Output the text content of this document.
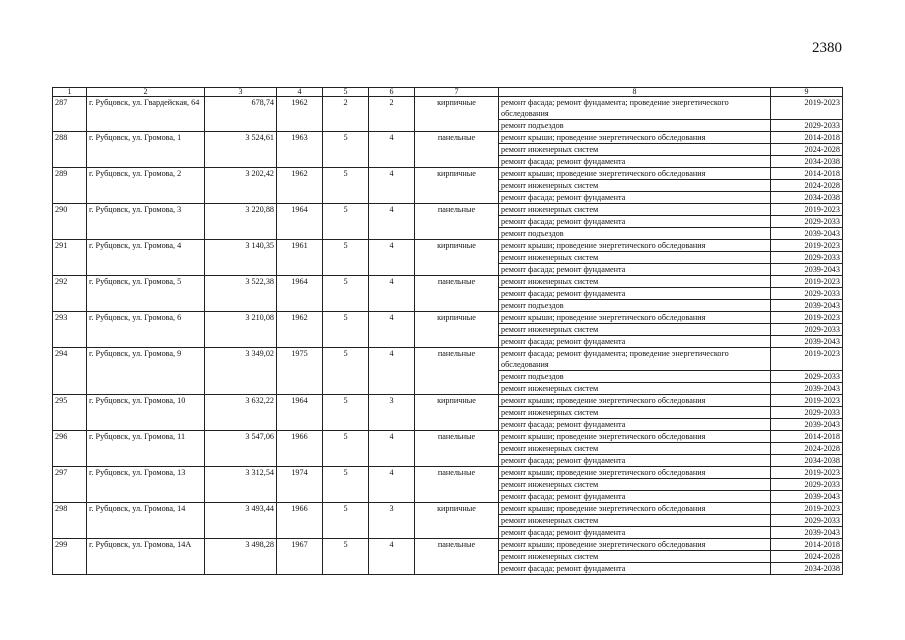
2380
1	2	3	4	5	6	7	8	9
287	г. Рубцовск, ул. Гвардейская, 64	678,74	1962	2	2	кирпичные	ремонт фасада; ремонт фундамента; проведение энергетического обследования	2019-2023
							ремонт подъездов	2029-2033
288	г. Рубцовск, ул. Громова, 1	3 524,61	1963	5	4	панельные	ремонт крыши; проведение энергетического обследования	2014-2018
							ремонт инженерных систем	2024-2028
							ремонт фасада; ремонт фундамента	2034-2038
289	г. Рубцовск, ул. Громова, 2	3 202,42	1962	5	4	кирпичные	ремонт крыши; проведение энергетического обследования	2014-2018
							ремонт инженерных систем	2024-2028
							ремонт фасада; ремонт фундамента	2034-2038
290	г. Рубцовск, ул. Громова, 3	3 220,88	1964	5	4	панельные	ремонт инженерных систем	2019-2023
							ремонт фасада; ремонт фундамента	2029-2033
							ремонт подъездов	2039-2043
291	г. Рубцовск, ул. Громова, 4	3 140,35	1961	5	4	кирпичные	ремонт крыши; проведение энергетического обследования	2019-2023
							ремонт инженерных систем	2029-2033
							ремонт фасада; ремонт фундамента	2039-2043
292	г. Рубцовск, ул. Громова, 5	3 522,38	1964	5	4	панельные	ремонт инженерных систем	2019-2023
							ремонт фасада; ремонт фундамента	2029-2033
							ремонт подъездов	2039-2043
293	г. Рубцовск, ул. Громова, 6	3 210,08	1962	5	4	кирпичные	ремонт крыши; проведение энергетического обследования	2019-2023
							ремонт инженерных систем	2029-2033
							ремонт фасада; ремонт фундамента	2039-2043
294	г. Рубцовск, ул. Громова, 9	3 349,02	1975	5	4	панельные	ремонт фасада; ремонт фундамента; проведение энергетического обследования	2019-2023
							ремонт подъездов	2029-2033
							ремонт инженерных систем	2039-2043
295	г. Рубцовск, ул. Громова, 10	3 632,22	1964	5	3	кирпичные	ремонт крыши; проведение энергетического обследования	2019-2023
							ремонт инженерных систем	2029-2033
							ремонт фасада; ремонт фундамента	2039-2043
296	г. Рубцовск, ул. Громова, 11	3 547,06	1966	5	4	панельные	ремонт крыши; проведение энергетического обследования	2014-2018
							ремонт инженерных систем	2024-2028
							ремонт фасада; ремонт фундамента	2034-2038
297	г. Рубцовск, ул. Громова, 13	3 312,54	1974	5	4	панельные	ремонт крыши; проведение энергетического обследования	2019-2023
							ремонт инженерных систем	2029-2033
							ремонт фасада; ремонт фундамента	2039-2043
298	г. Рубцовск, ул. Громова, 14	3 493,44	1966	5	3	кирпичные	ремонт крыши; проведение энергетического обследования	2019-2023
							ремонт инженерных систем	2029-2033
							ремонт фасада; ремонт фундамента	2039-2043
299	г. Рубцовск, ул. Громова, 14А	3 498,28	1967	5	4	панельные	ремонт крыши; проведение энергетического обследования	2014-2018
							ремонт инженерных систем	2024-2028
							ремонт фасада; ремонт фундамента	2034-2038
